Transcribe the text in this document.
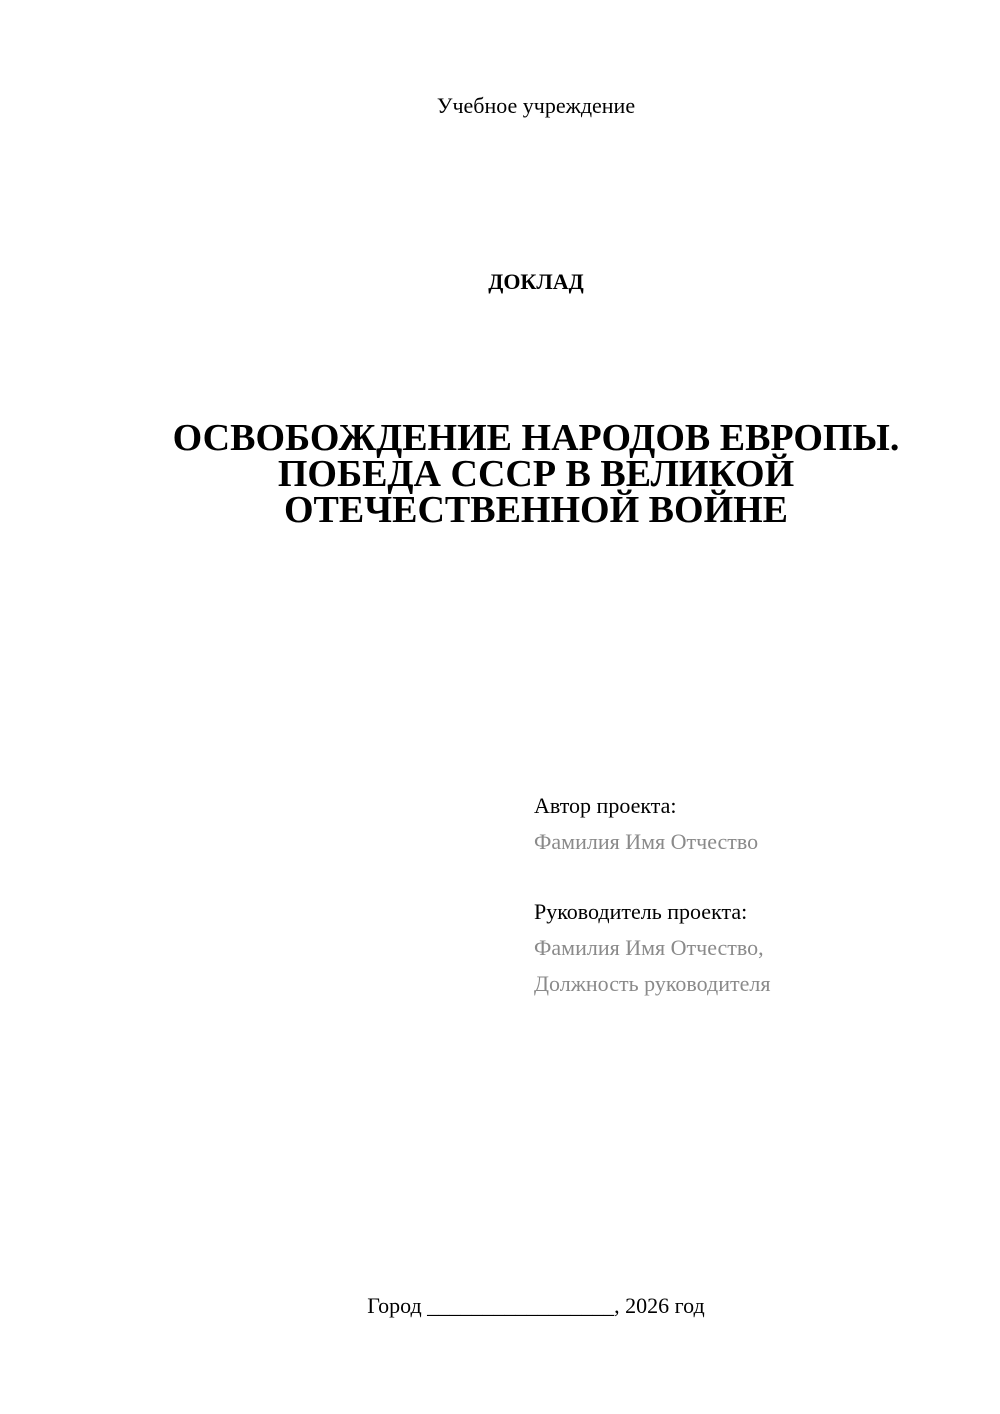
Учебное учреждение
ДОКЛАД
ОСВОБОЖДЕНИЕ НАРОДОВ ЕВРОПЫ.
ПОБЕДА СССР В ВЕЛИКОЙ
ОТЕЧЕСТВЕННОЙ ВОЙНЕ
Автор проекта:
Фамилия Имя Отчество
Руководитель проекта:
Фамилия Имя Отчество,
Должность руководителя
Город _________________, 2026 год
